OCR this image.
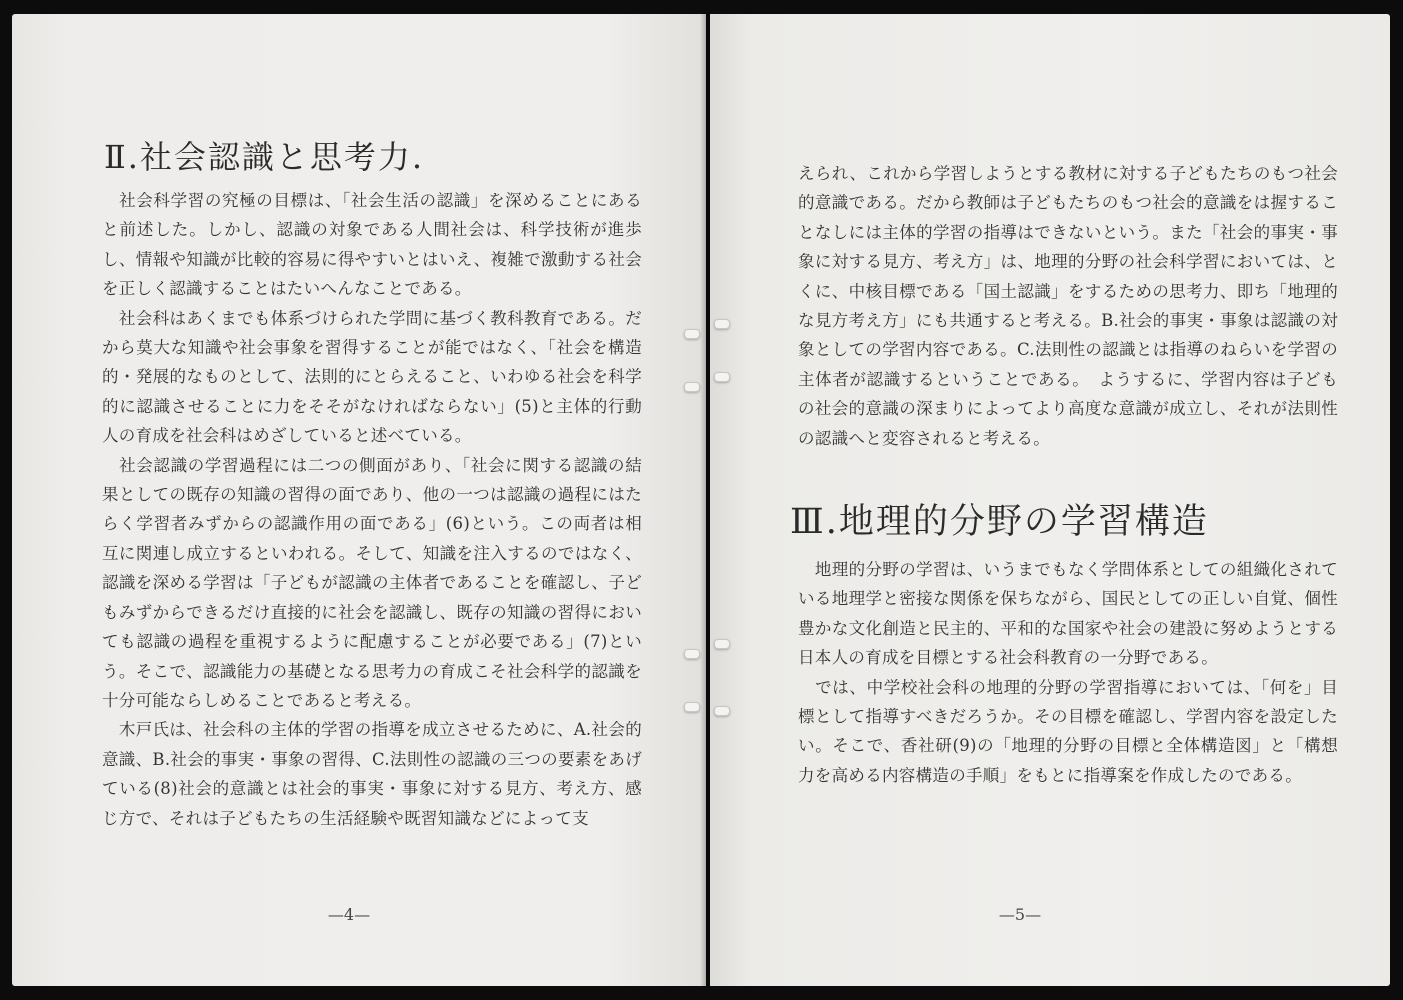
Ⅱ.社会認識と思考力.

　社会科学習の究極の目標は、「社会生活の認識」を深めることにあると前述した。しかし、認識の対象である人間社会は、科学技術が進歩し、情報や知識が比較的容易に得やすいとはいえ、複雑で激動する社会を正しく認識することはたいへんなことである。

　社会科はあくまでも体系づけられた学問に基づく教科教育である。だから莫大な知識や社会事象を習得することが能ではなく、「社会を構造的・発展的なものとして、法則的にとらえること、いわゆる社会を科学的に認識させることに力をそそがなければならない」(5)と主体的行動人の育成を社会科はめざしていると述べている。

　社会認識の学習過程には二つの側面があり、「社会に関する認識の結果としての既存の知識の習得の面であり、他の一つは認識の過程にはたらく学習者みずからの認識作用の面である」(6)という。この両者は相互に関連し成立するといわれる。そして、知識を注入するのではなく、認識を深める学習は「子どもが認識の主体者であることを確認し、子どもみずからできるだけ直接的に社会を認識し、既存の知識の習得においても認識の過程を重視するように配慮することが必要である」(7)という。そこで、認識能力の基礎となる思考力の育成こそ社会科学的認識を十分可能ならしめることであると考える。

　木戸氏は、社会科の主体的学習の指導を成立させるために、A.社会的意識、B.社会的事実・事象の習得、C.法則性の認識の三つの要素をあげている(8)社会的意識とは社会的事実・事象に対する見方、考え方、感じ方で、それは子どもたちの生活経験や既習知識などによって支

—4—

えられ、これから学習しようとする教材に対する子どもたちのもつ社会的意識である。だから教師は子どもたちのもつ社会的意識をは握することなしには主体的学習の指導はできないという。また「社会的事実・事象に対する見方、考え方」は、地理的分野の社会科学習においては、とくに、中核目標である「国土認識」をするための思考力、即ち「地理的な見方考え方」にも共通すると考える。B.社会的事実・事象は認識の対象としての学習内容である。C.法則性の認識とは指導のねらいを学習の主体者が認識するということである。　ようするに、学習内容は子どもの社会的意識の深まりによってより高度な意識が成立し、それが法則性の認識へと変容されると考える。

Ⅲ.地理的分野の学習構造

　地理的分野の学習は、いうまでもなく学問体系としての組織化されている地理学と密接な関係を保ちながら、国民としての正しい自覚、個性豊かな文化創造と民主的、平和的な国家や社会の建設に努めようとする日本人の育成を目標とする社会科教育の一分野である。

　では、中学校社会科の地理的分野の学習指導においては、「何を」目標として指導すべきだろうか。その目標を確認し、学習内容を設定したい。そこで、香社研(9)の「地理的分野の目標と全体構造図」と「構想力を高める内容構造の手順」をもとに指導案を作成したのである。

—5—
